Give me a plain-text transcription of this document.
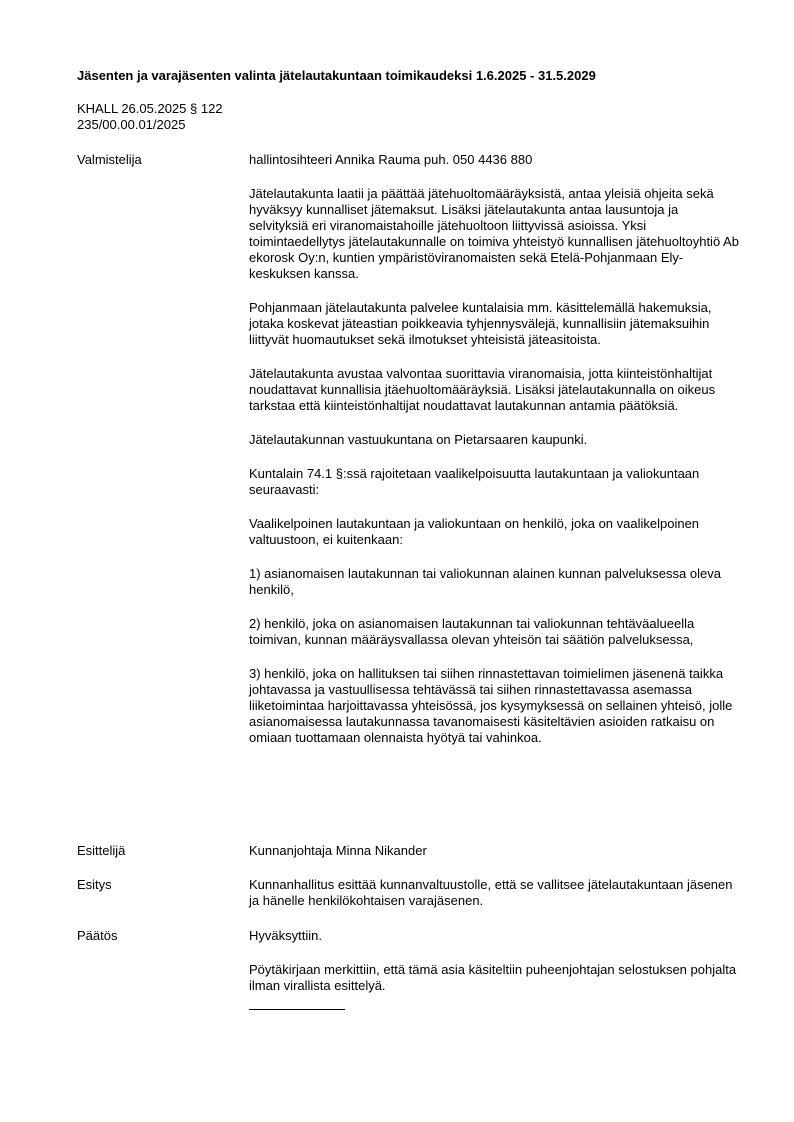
Jäsenten ja varajäsenten valinta jätelautakuntaan toimikaudeksi 1.6.2025 - 31.5.2029
KHALL 26.05.2025 § 122
235/00.00.01/2025
Valmistelija	hallintosihteeri Annika Rauma puh. 050 4436 880

Jätelautakunta laatii ja päättää jätehuoltomääräyksistä, antaa yleisiä ohjeita sekä hyväksyy kunnalliset jätemaksut. Lisäksi jätelautakunta antaa lausuntoja ja selvityksiä eri viranomaistahoille jätehuoltoon liittyvissä asioissa. Yksi toimintaedellytys jätelautakunnalle on toimiva yhteistyö kunnallisen jätehuoltoyhtiö Ab ekorosk Oy:n, kuntien ympäristöviranomaisten sekä Etelä-Pohjanmaan Ely-keskuksen kanssa.

Pohjanmaan jätelautakunta palvelee kuntalaisia mm. käsittelemällä hakemuksia, jotaka koskevat jäteastian poikkeavia tyhjennysvälejä, kunnallisiin jätemaksuihin liittyvät huomautukset sekä ilmotukset yhteisistä jäteasitoista.

Jätelautakunta avustaa valvontaa suorittavia viranomaisia, jotta kiinteistönhaltijat noudattavat kunnallisia jtäehuoltomääräyksiä. Lisäksi jätelautakunnalla on oikeus tarkstaa että kiinteistönhaltijat noudattavat lautakunnan antamia päätöksiä.

Jätelautakunnan vastuukuntana on Pietarsaaren kaupunki.

Kuntalain 74.1 §:ssä rajoitetaan vaalikelpoisuutta lautakuntaan ja valiokuntaan seuraavasti:

Vaalikelpoinen lautakuntaan ja valiokuntaan on henkilö, joka on vaalikelpoinen valtuustoon, ei kuitenkaan:

1) asianomaisen lautakunnan tai valiokunnan alainen kunnan palveluksessa oleva henkilö,

2) henkilö, joka on asianomaisen lautakunnan tai valiokunnan tehtäväalueella toimivan, kunnan määräysvallassa olevan yhteisön tai säätiön palveluksessa,

3) henkilö, joka on hallituksen tai siihen rinnastettavan toimielimen jäsenenä taikka johtavassa ja vastuullisessa tehtävässä tai siihen rinnastettavassa asemassa liiketoimintaa harjoittavassa yhteisössä, jos kysymyksessä on sellainen yhteisö, jolle asianomaisessa lautakunnassa tavanomaisesti käsiteltävien asioiden ratkaisu on omiaan tuottamaan olennaista hyötyä tai vahinkoa.

Esittelijä	Kunnanjohtaja Minna Nikander

Esitys	Kunnanhallitus esittää kunnanvaltuustolle, että se vallitsee jätelautakuntaan jäsenen ja hänelle henkilökohtaisen varajäsenen.

Päätös	Hyväksyttiin.

Pöytäkirjaan merkittiin, että tämä asia käsiteltiin puheenjohtajan selostuksen pohjalta ilman virallista esittelyä.
